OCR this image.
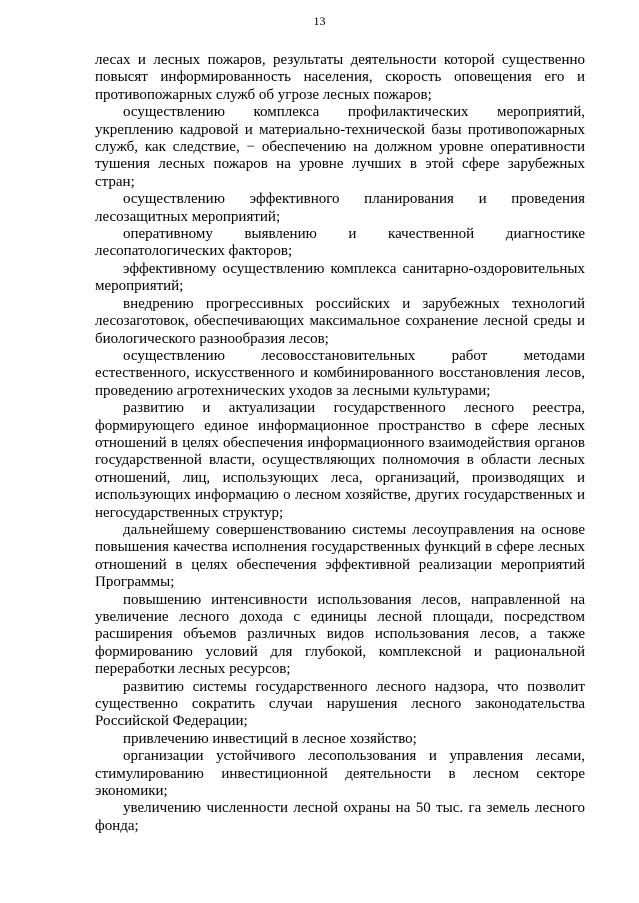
13

лесах и лесных пожаров, результаты деятельности которой существенно повысят информированность населения, скорость оповещения его и противопожарных служб об угрозе лесных пожаров;

осуществлению комплекса профилактических мероприятий, укреплению кадровой и материально-технической базы противопожарных служб, как следствие, − обеспечению на должном уровне оперативности тушения лесных пожаров на уровне лучших в этой сфере зарубежных стран;

осуществлению эффективного планирования и проведения лесозащитных мероприятий;

оперативному выявлению и качественной диагностике лесопатологических факторов;

эффективному осуществлению комплекса санитарно-оздоровительных мероприятий;

внедрению прогрессивных российских и зарубежных технологий лесозаготовок, обеспечивающих максимальное сохранение лесной среды и биологического разнообразия лесов;

осуществлению лесовосстановительных работ методами естественного, искусственного и комбинированного восстановления лесов, проведению агротехнических уходов за лесными культурами;

развитию и актуализации государственного лесного реестра, формирующего единое информационное пространство в сфере лесных отношений в целях обеспечения информационного взаимодействия органов государственной власти, осуществляющих полномочия в области лесных отношений, лиц, использующих леса, организаций, производящих и использующих информацию о лесном хозяйстве, других государственных и негосударственных структур;

дальнейшему совершенствованию системы лесоуправления на основе повышения качества исполнения государственных функций в сфере лесных отношений в целях обеспечения эффективной реализации мероприятий Программы;

повышению интенсивности использования лесов, направленной на увеличение лесного дохода с единицы лесной площади, посредством расширения объемов различных видов использования лесов, а также формированию условий для глубокой, комплексной и рациональной переработки лесных ресурсов;

развитию системы государственного лесного надзора, что позволит существенно сократить случаи нарушения лесного законодательства Российской Федерации;

привлечению инвестиций в лесное хозяйство;

организации устойчивого лесопользования и управления лесами, стимулированию инвестиционной деятельности в лесном секторе экономики;

увеличению численности лесной охраны на 50 тыс. га земель лесного фонда;
